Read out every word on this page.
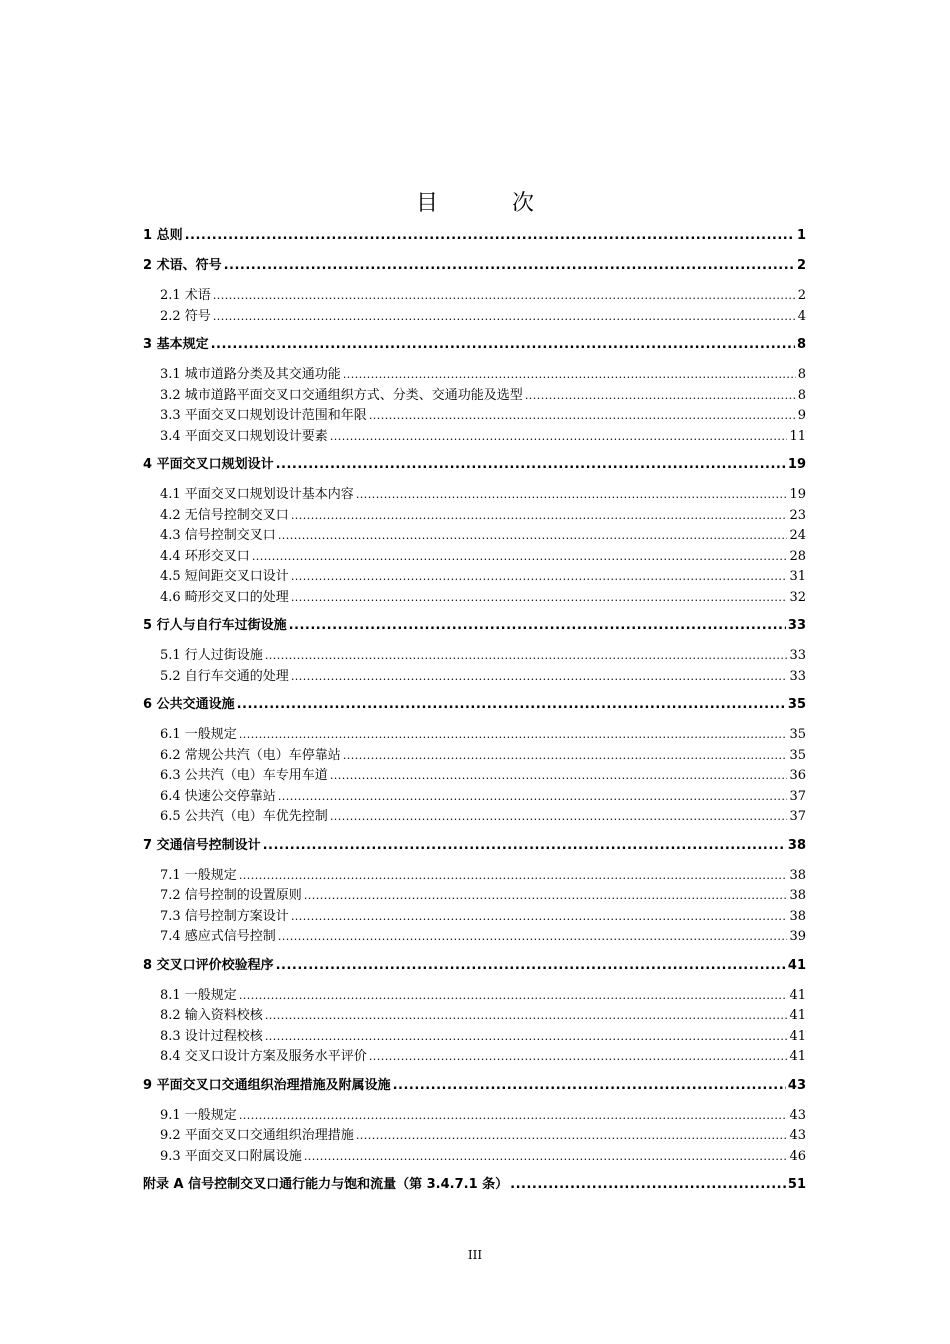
目　次
1 总则 .....	1
2 术语、符号 .....	2
2.1 术语 .....	2
2.2 符号 .....	4
3 基本规定 .....	8
3.1 城市道路分类及其交通功能 .....	8
3.2 城市道路平面交叉口交通组织方式、分类、交通功能及选型 .....	8
3.3 平面交叉口规划设计范围和年限 .....	9
3.4 平面交叉口规划设计要素 .....	11
4 平面交叉口规划设计 .....	19
4.1 平面交叉口规划设计基本内容 .....	19
4.2 无信号控制交叉口 .....	23
4.3 信号控制交叉口 .....	24
4.4 环形交叉口 .....	28
4.5 短间距交叉口设计 .....	31
4.6 畸形交叉口的处理 .....	32
5 行人与自行车过街设施 .....	33
5.1 行人过街设施 .....	33
5.2 自行车交通的处理 .....	33
6 公共交通设施 .....	35
6.1 一般规定 .....	35
6.2 常规公共汽（电）车停靠站 .....	35
6.3 公共汽（电）车专用车道 .....	36
6.4 快速公交停靠站 .....	37
6.5 公共汽（电）车优先控制 .....	37
7 交通信号控制设计 .....	38
7.1 一般规定 .....	38
7.2 信号控制的设置原则 .....	38
7.3 信号控制方案设计 .....	38
7.4 感应式信号控制 .....	39
8 交叉口评价校验程序 .....	41
8.1 一般规定 .....	41
8.2 输入资料校核 .....	41
8.3 设计过程校核 .....	41
8.4 交叉口设计方案及服务水平评价 .....	41
9 平面交叉口交通组织治理措施及附属设施 .....	43
9.1 一般规定 .....	43
9.2 平面交叉口交通组织治理措施 .....	43
9.3 平面交叉口附属设施 .....	46
附录 A 信号控制交叉口通行能力与饱和流量（第 3.4.7.1 条） .....	51
III
